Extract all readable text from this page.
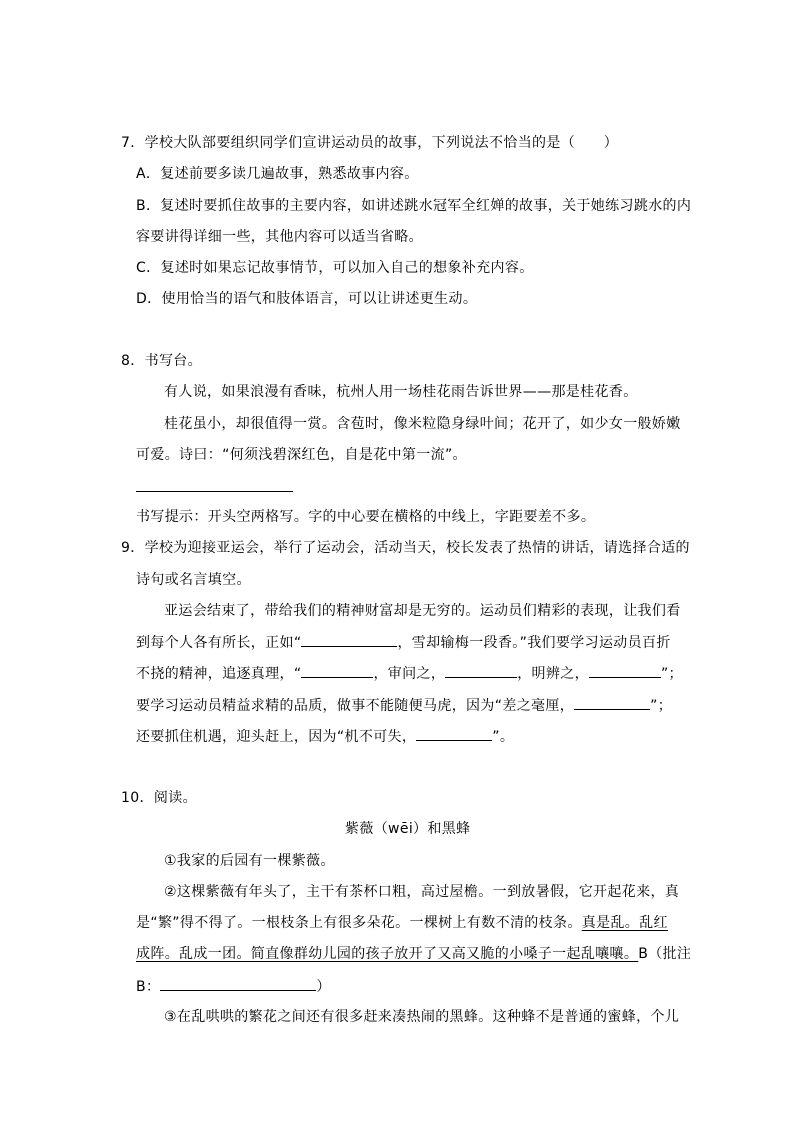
7．学校大队部要组织同学们宣讲运动员的故事，下列说法不恰当的是（　　）
A．复述前要多读几遍故事，熟悉故事内容。
B．复述时要抓住故事的主要内容，如讲述跳水冠军全红婵的故事，关于她练习跳水的内
容要讲得详细一些，其他内容可以适当省略。
C．复述时如果忘记故事情节，可以加入自己的想象补充内容。
D．使用恰当的语气和肢体语言，可以让讲述更生动。
8．书写台。
有人说，如果浪漫有香味，杭州人用一场桂花雨告诉世界——那是桂花香。
桂花虽小，却很值得一赏。含苞时，像米粒隐身绿叶间；花开了，如少女一般娇嫩
可爱。诗曰：“何须浅碧深红色，自是花中第一流”。
书写提示：开头空两格写。字的中心要在横格的中线上，字距要差不多。
9．学校为迎接亚运会，举行了运动会，活动当天，校长发表了热情的讲话，请选择合适的
诗句或名言填空。
亚运会结束了，带给我们的精神财富却是无穷的。运动员们精彩的表现，让我们看
到每个人各有所长，正如“	，雪却输梅一段香。”我们要学习运动员百折
不挠的精神，追逐真理，“	，审问之，	，明辨之，	”；
要学习运动员精益求精的品质，做事不能随便马虎，因为“差之毫厘，	”；
还要抓住机遇，迎头赶上，因为“机不可失，	”。
10．阅读。
紫薇（wēi）和黑蜂
①我家的后园有一棵紫薇。
②这棵紫薇有年头了，主干有茶杯口粗，高过屋檐。一到放暑假，它开起花来，真
是“繁”得不得了。一根枝条上有很多朵花。一棵树上有数不清的枝条。真是乱。乱红
成阵。乱成一团。简直像群幼儿园的孩子放开了又高又脆的小嗓子一起乱嚷嚷。B（批注
B：	）
③在乱哄哄的繁花之间还有很多赶来凑热闹的黑蜂。这种蜂不是普通的蜜蜂，个儿
